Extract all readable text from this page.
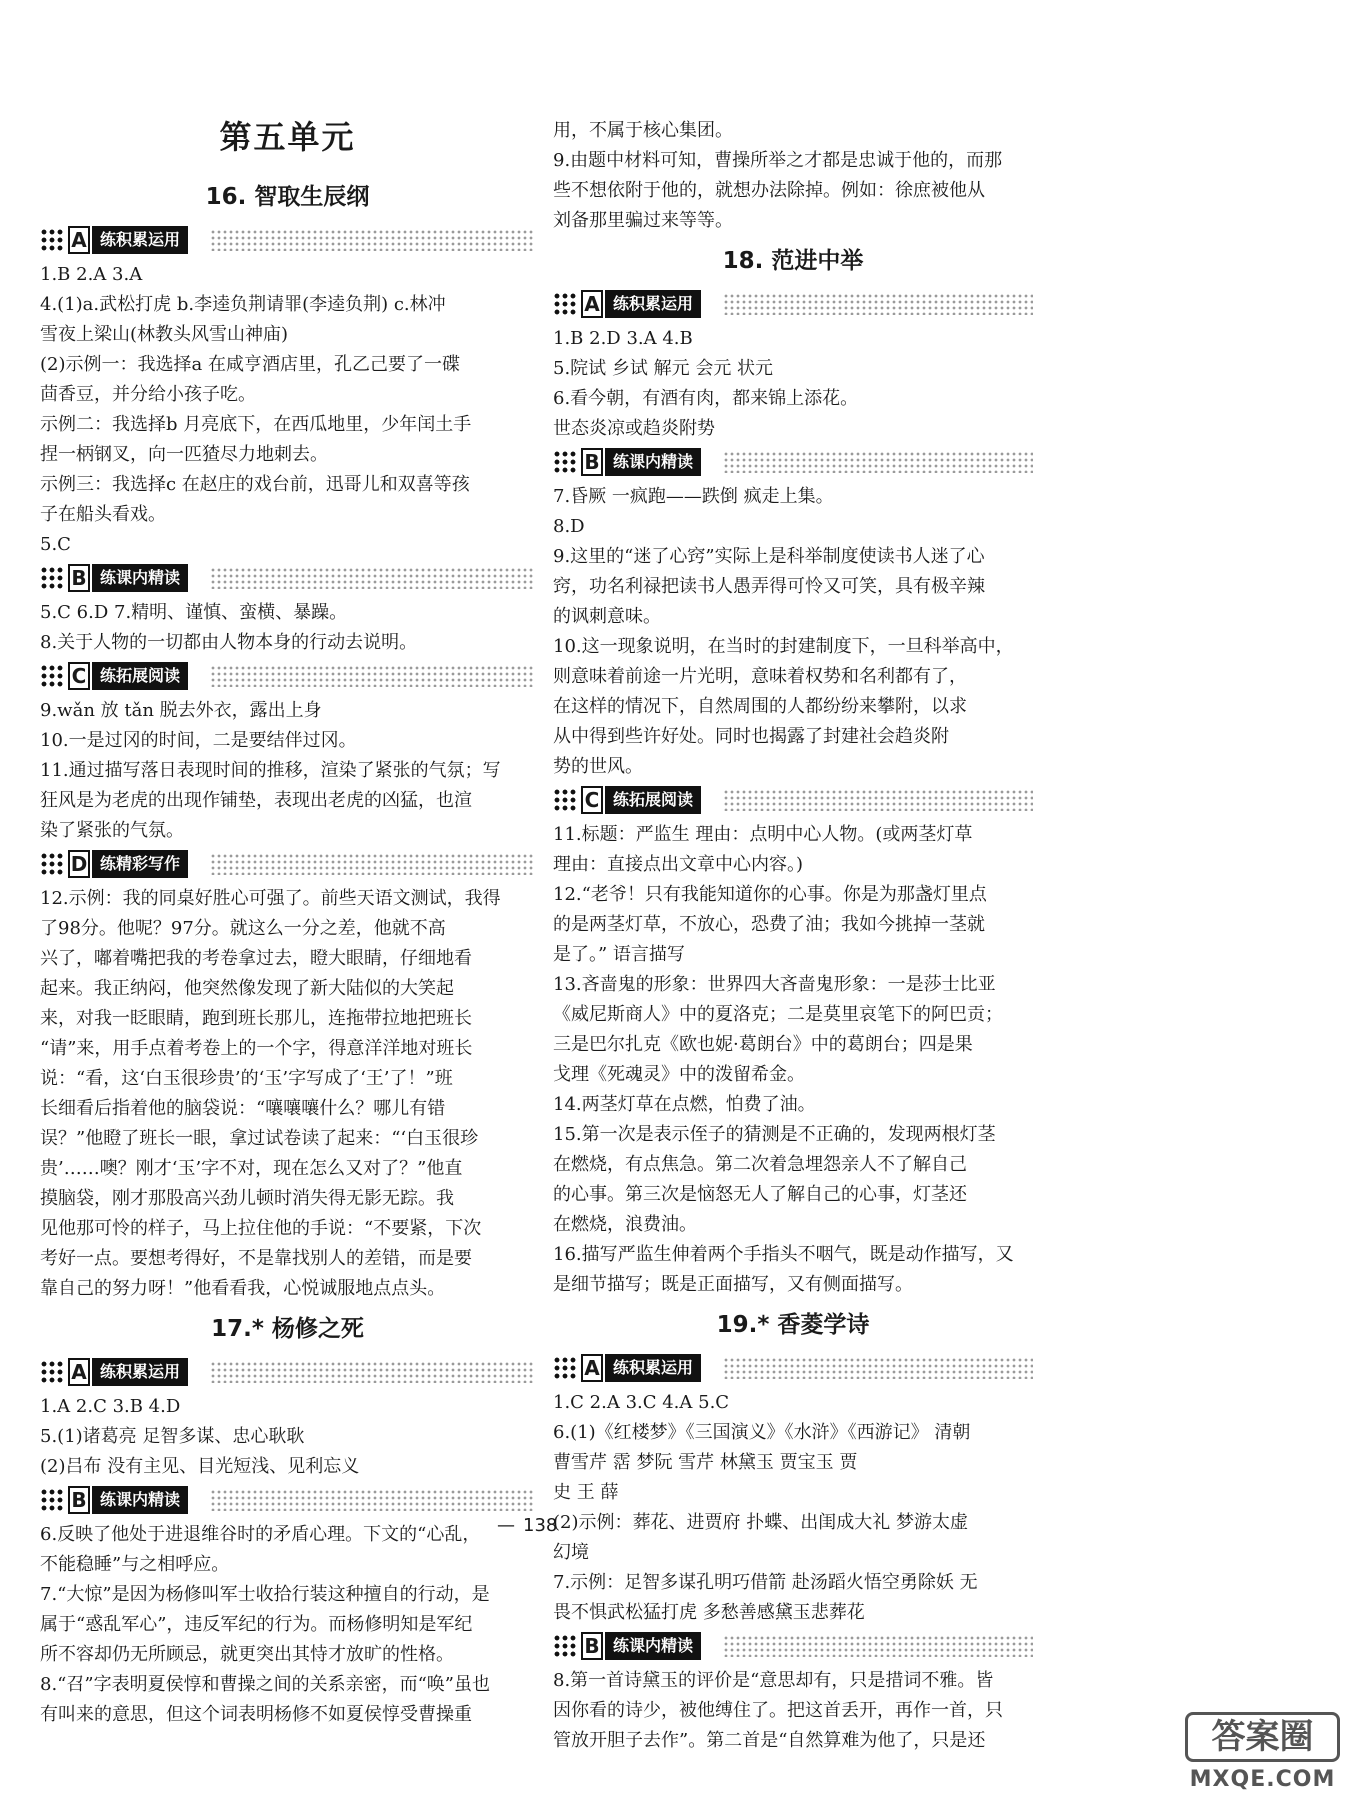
第五单元
16. 智取生辰纲
A 练积累运用
1.B 2.A 3.A
4.(1)a.武松打虎 b.李逵负荆请罪(李逵负荆) c.林冲
雪夜上梁山(林教头风雪山神庙)
(2)示例一：我选择a 在咸亨酒店里，孔乙己要了一碟
茴香豆，并分给小孩子吃。
示例二：我选择b 月亮底下，在西瓜地里，少年闰土手
捏一柄钢叉，向一匹猹尽力地刺去。
示例三：我选择c 在赵庄的戏台前，迅哥儿和双喜等孩
子在船头看戏。
5.C
B 练课内精读
5.C 6.D 7.精明、谨慎、蛮横、暴躁。
8.关于人物的一切都由人物本身的行动去说明。
C 练拓展阅读
9.wǎn 放 tǎn 脱去外衣，露出上身
10.一是过冈的时间，二是要结伴过冈。
11.通过描写落日表现时间的推移，渲染了紧张的气氛；写
狂风是为老虎的出现作铺垫，表现出老虎的凶猛，也渲
染了紧张的气氛。
D 练精彩写作
12.示例：我的同桌好胜心可强了。前些天语文测试，我得
了98分。他呢？97分。就这么一分之差，他就不高
兴了，嘟着嘴把我的考卷拿过去，瞪大眼睛，仔细地看
起来。我正纳闷，他突然像发现了新大陆似的大笑起
来，对我一眨眼睛，跑到班长那儿，连拖带拉地把班长
“请”来，用手点着考卷上的一个字，得意洋洋地对班长
说：“看，这‘白玉很珍贵’的‘玉’字写成了‘王’了！”班
长细看后指着他的脑袋说：“嚷嚷嚷什么？哪儿有错
误？”他瞪了班长一眼，拿过试卷读了起来：“‘白玉很珍
贵’……噢？刚才‘玉’字不对，现在怎么又对了？”他直
摸脑袋，刚才那股高兴劲儿顿时消失得无影无踪。我
见他那可怜的样子，马上拉住他的手说：“不要紧，下次
考好一点。要想考得好，不是靠找别人的差错，而是要
靠自己的努力呀！”他看看我，心悦诚服地点点头。
17.* 杨修之死
A 练积累运用
1.A 2.C 3.B 4.D
5.(1)诸葛亮 足智多谋、忠心耿耿
(2)吕布 没有主见、目光短浅、见利忘义
B 练课内精读
6.反映了他处于进退维谷时的矛盾心理。下文的“心乱，
不能稳睡”与之相呼应。
7.“大惊”是因为杨修叫军士收拾行装这种擅自的行动，是
属于“惑乱军心”，违反军纪的行为。而杨修明知是军纪
所不容却仍无所顾忌，就更突出其恃才放旷的性格。
8.“召”字表明夏侯惇和曹操之间的关系亲密，而“唤”虽也
有叫来的意思，但这个词表明杨修不如夏侯惇受曹操重
用，不属于核心集团。
9.由题中材料可知，曹操所举之才都是忠诚于他的，而那
些不想依附于他的，就想办法除掉。例如：徐庶被他从
刘备那里骗过来等等。
18. 范进中举
A 练积累运用
1.B 2.D 3.A 4.B
5.院试 乡试 解元 会元 状元
6.看今朝，有酒有肉，都来锦上添花。
世态炎凉或趋炎附势
B 练课内精读
7.昏厥 一疯跑——跌倒 疯走上集。
8.D
9.这里的“迷了心窍”实际上是科举制度使读书人迷了心
窍，功名利禄把读书人愚弄得可怜又可笑，具有极辛辣
的讽刺意味。
10.这一现象说明，在当时的封建制度下，一旦科举高中，
则意味着前途一片光明，意味着权势和名利都有了，
在这样的情况下，自然周围的人都纷纷来攀附，以求
从中得到些许好处。同时也揭露了封建社会趋炎附
势的世风。
C 练拓展阅读
11.标题：严监生 理由：点明中心人物。(或两茎灯草
理由：直接点出文章中心内容。)
12.“老爷！只有我能知道你的心事。你是为那盏灯里点
的是两茎灯草，不放心，恐费了油；我如今挑掉一茎就
是了。” 语言描写
13.吝啬鬼的形象：世界四大吝啬鬼形象：一是莎士比亚
《威尼斯商人》中的夏洛克；二是莫里哀笔下的阿巴贡；
三是巴尔扎克《欧也妮·葛朗台》中的葛朗台；四是果
戈理《死魂灵》中的泼留希金。
14.两茎灯草在点燃，怕费了油。
15.第一次是表示侄子的猜测是不正确的，发现两根灯茎
在燃烧，有点焦急。第二次着急埋怨亲人不了解自己
的心事。第三次是恼怒无人了解自己的心事，灯茎还
在燃烧，浪费油。
16.描写严监生伸着两个手指头不咽气，既是动作描写，又
是细节描写；既是正面描写，又有侧面描写。
19.* 香菱学诗
A 练积累运用
1.C 2.A 3.C 4.A 5.C
6.(1)《红楼梦》《三国演义》《水浒》《西游记》 清朝
曹雪芹 霑 梦阮 雪芹 林黛玉 贾宝玉 贾
史 王 薛
(2)示例：葬花、进贾府 扑蝶、出闺成大礼 梦游太虚
幻境
7.示例：足智多谋孔明巧借箭 赴汤蹈火悟空勇除妖 无
畏不惧武松猛打虎 多愁善感黛玉悲葬花
B 练课内精读
8.第一首诗黛玉的评价是“意思却有，只是措词不雅。皆
因你看的诗少，被他缚住了。把这首丢开，再作一首，只
管放开胆子去作”。第二首是“自然算难为他了，只是还
— 138
答案圈
MXQE.COM
